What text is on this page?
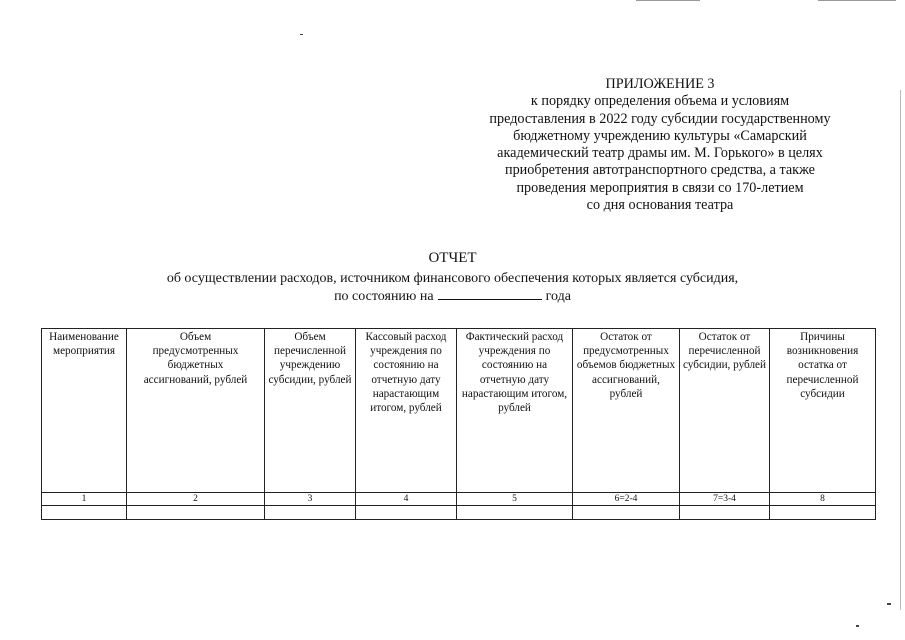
ПРИЛОЖЕНИЕ 3
к порядку определения объема и условиям
предоставления в 2022 году субсидии государственному
бюджетному учреждению культуры «Самарский
академический театр драмы им. М. Горького» в целях
приобретения автотранспортного средства, а также
проведения мероприятия в связи со 170-летием
со дня основания театра
ОТЧЕТ
об осуществлении расходов, источником финансового обеспечения которых является субсидия,
по состоянию на	года
Наименование мероприятия	Объем предусмотренных бюджетных ассигнований, рублей	Объем перечисленной учреждению субсидии, рублей	Кассовый расход учреждения по состоянию на отчетную дату нарастающим итогом, рублей	Фактический расход учреждения по состоянию на отчетную дату нарастающим итогом, рублей	Остаток от предусмотренных объемов бюджетных ассигнований, рублей	Остаток от перечисленной субсидии, рублей	Причины возникновения остатка от перечисленной субсидии
1	2	3	4	5	6=2-4	7=3-4	8
